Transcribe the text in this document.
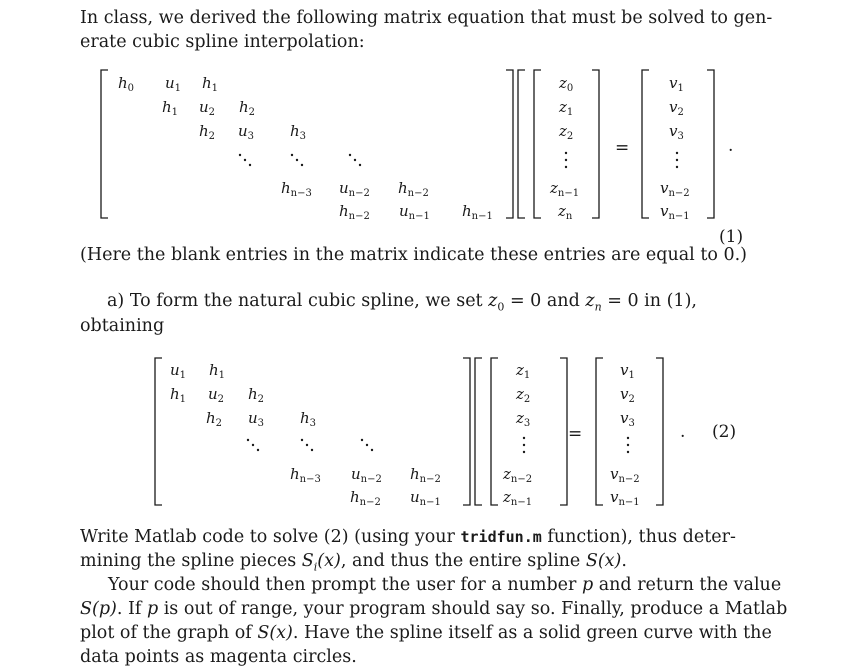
In class, we derived the following matrix equation that must be solved to gen-
erate cubic spline interpolation:
$h_0$ $u_1$ $h_1$
$h_1$ $u_2$ $h_2$
$h_2$ $u_3$ $h_3$
$h_{n-3}$ $u_{n-2}$ $h_{n-2}$
$h_{n-2}$ $u_{n-1}$ $h_{n-1}$
$z_0$
$z_1$
$z_2$
$z_{n-1}$
$z_n$
=
$v_1$
$v_2$
$v_3$
$v_{n-2}$
$v_{n-1}$
.
(1)
$u_1$ $h_1$
$h_1$ $u_2$ $h_2$
$h_2$ $u_3$ $h_3$
$h_{n-3}$ $u_{n-2}$ $h_{n-2}$
$h_{n-2}$ $u_{n-1}$
$z_1$
$z_2$
$z_3$
$z_{n-2}$
$z_{n-1}$
=
$v_1$
$v_2$
$v_3$
$v_{n-2}$
$v_{n-1}$
. (2)
(Here the blank entries in the matrix indicate these entries are equal to 0.)
a) To form the natural cubic spline, we set $z_0 = 0$ and $z_n = 0$ in (1),
obtaining
Write Matlab code to solve (2) (using your tridfun.m function), thus deter-
mining the spline pieces $S_i(x)$, and thus the entire spline S(x).
Your code should then prompt the user for a number p and return the value
S(p). If p is out of range, your program should say so. Finally, produce a Matlab
plot of the graph of S(x). Have the spline itself as a solid green curve with the
data points as magenta circles.
